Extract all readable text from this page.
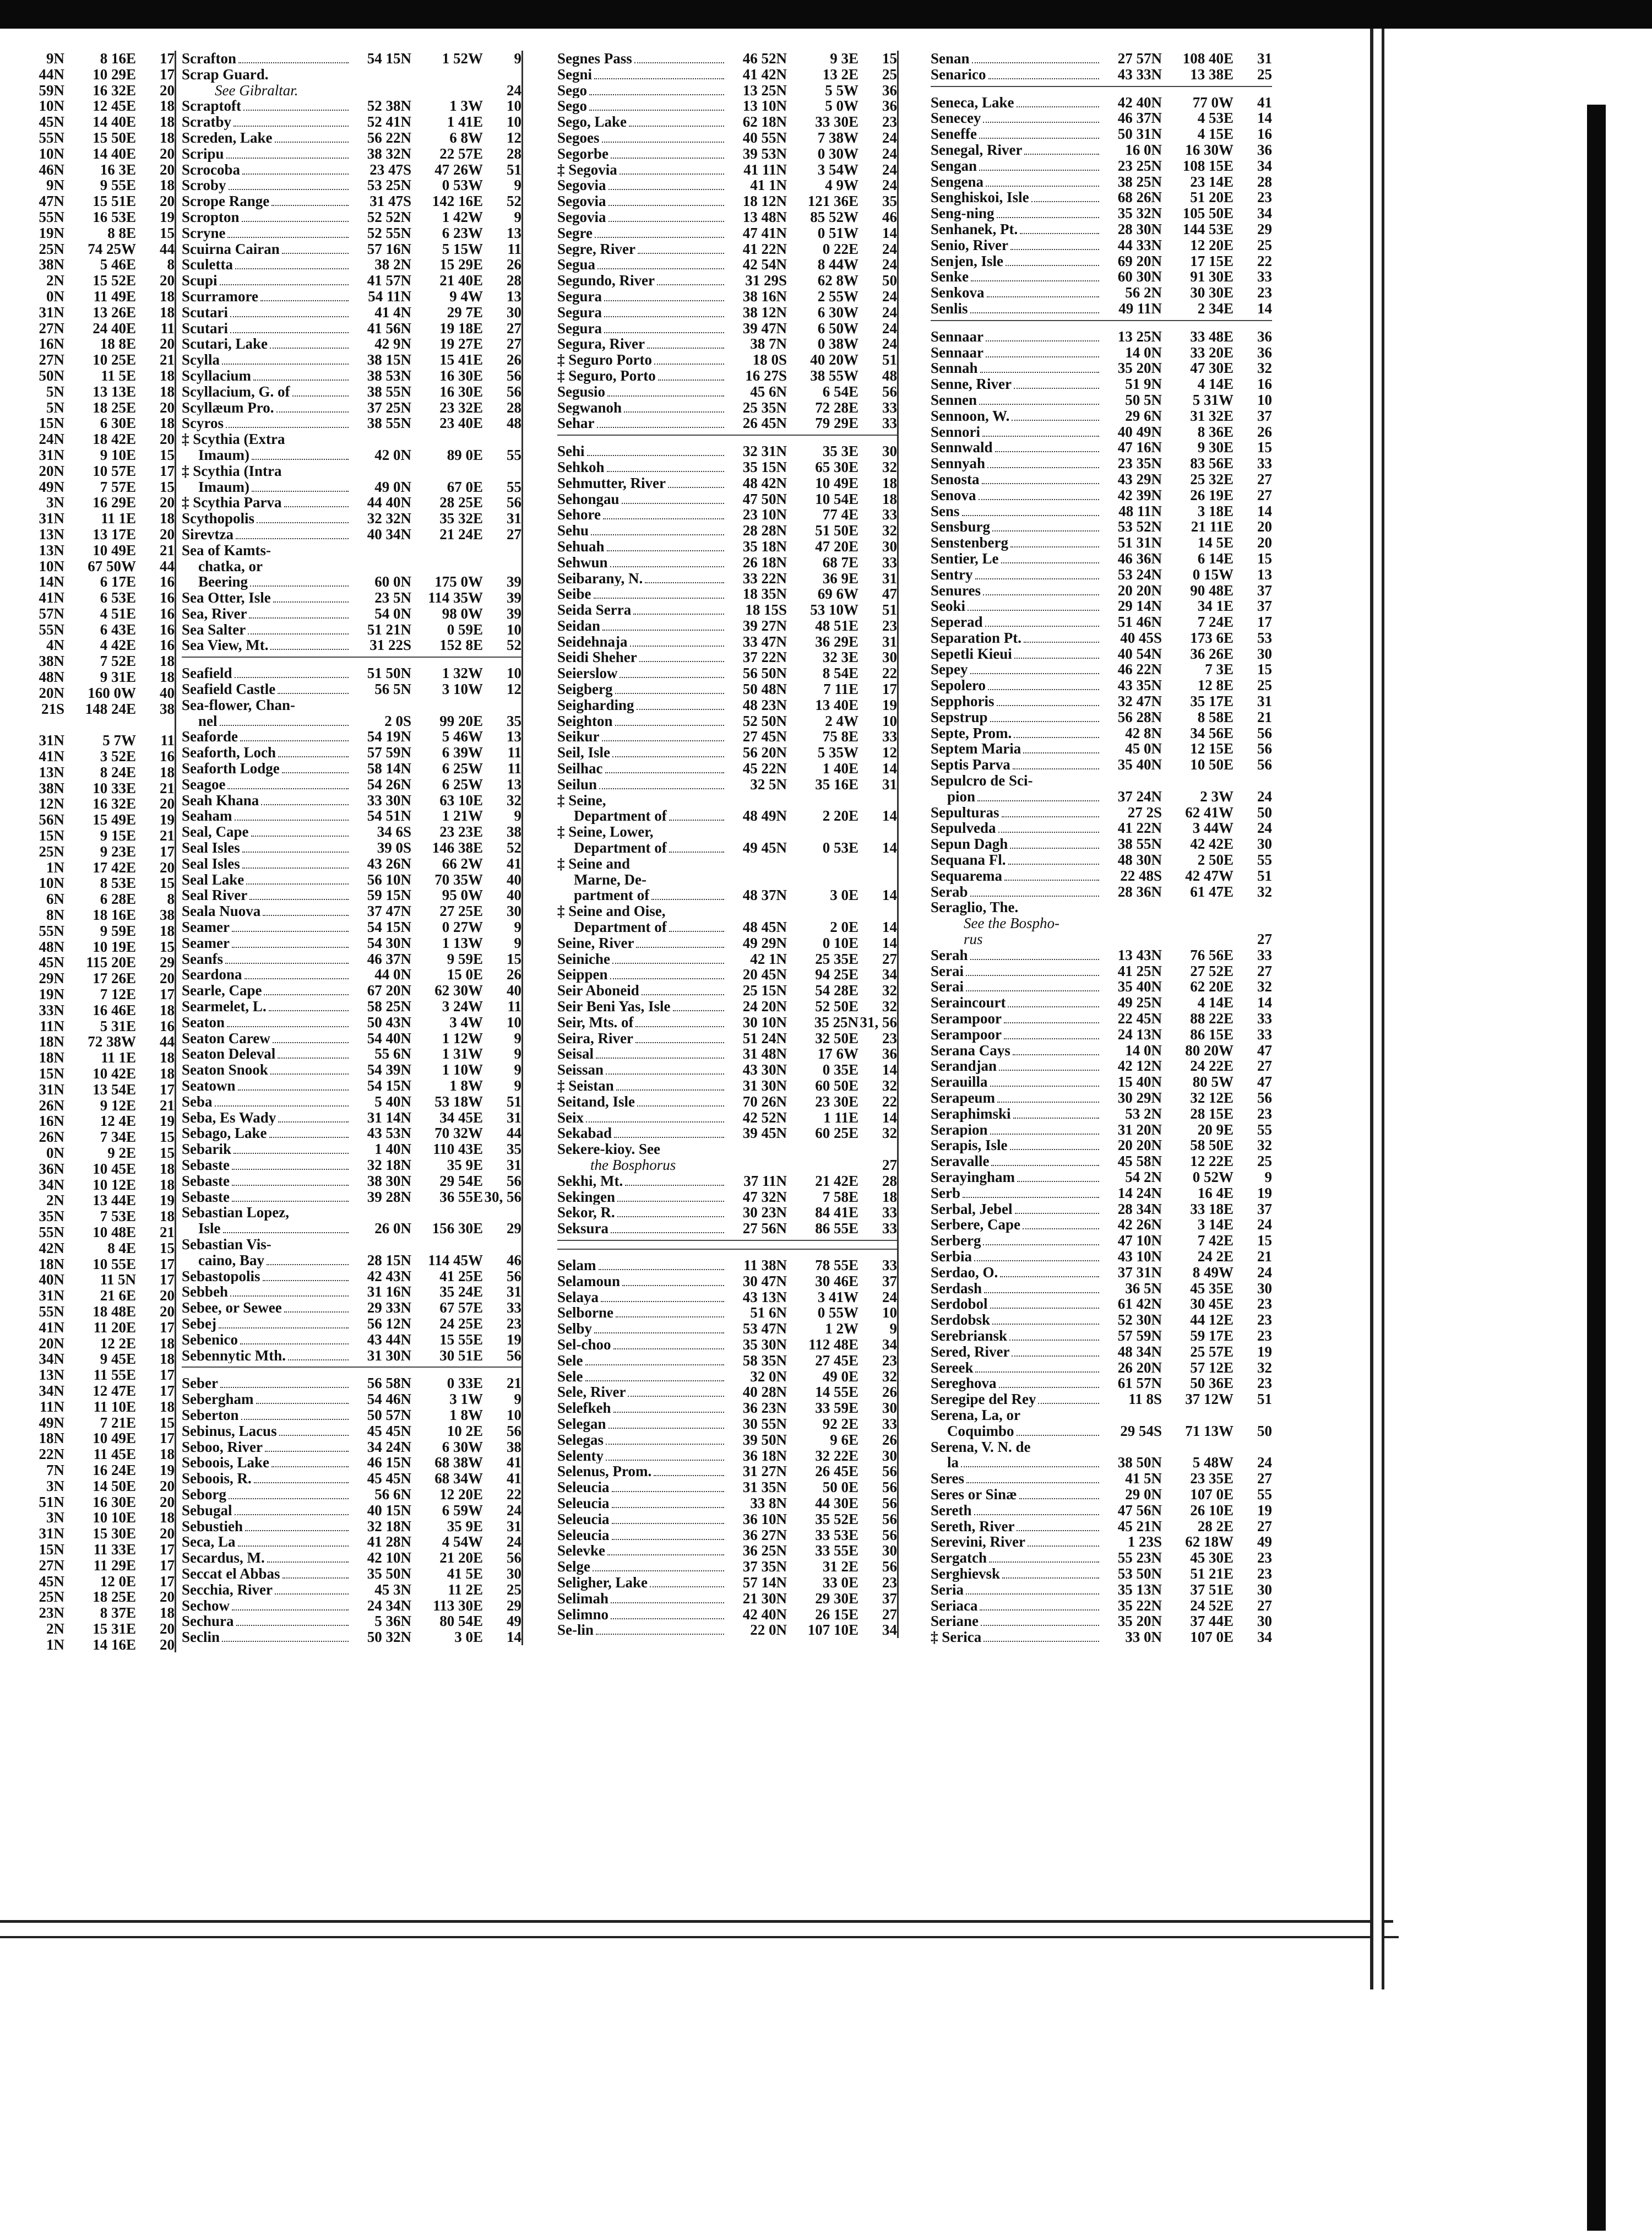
9N	8 16E	17
44N	10 29E	17
59N	16 32E	20
10N	12 45E	18
45N	14 40E	18
55N	15 50E	18
10N	14 40E	20
46N	16 3E	20
9N	9 55E	18
47N	15 51E	20
55N	16 53E	19
19N	8 8E	15
25N	74 25W	44
38N	5 46E	8
2N	15 52E	20
0N	11 49E	18
31N	13 26E	18
27N	24 40E	11
16N	18 8E	20
27N	10 25E	21
50N	11 5E	18
5N	13 13E	18
5N	18 25E	20
15N	6 30E	18
24N	18 42E	20
31N	9 10E	15
20N	10 57E	17
49N	7 57E	15
3N	16 29E	20
31N	11 1E	18
13N	13 17E	20
13N	10 49E	21
10N	67 50W	44
14N	6 17E	16
41N	6 53E	16
57N	4 51E	16
55N	6 43E	16
4N	4 42E	16
38N	7 52E	18
48N	9 31E	18
20N	160 0W	40
21S	148 24E	38
31N	5 7W	11
41N	3 52E	16
13N	8 24E	18
38N	10 33E	21
12N	16 32E	20
56N	15 49E	19
15N	9 15E	21
25N	9 23E	17
1N	17 42E	20
10N	8 53E	15
6N	6 28E	8
8N	18 16E	38
55N	9 59E	18
48N	10 19E	15
45N	115 20E	29
29N	17 26E	20
19N	7 12E	17
33N	16 46E	18
11N	5 31E	16
18N	72 38W	44
18N	11 1E	18
15N	10 42E	18
31N	13 54E	17
26N	9 12E	21
16N	12 4E	19
26N	7 34E	15
0N	9 2E	15
36N	10 45E	18
34N	10 12E	18
2N	13 44E	19
35N	7 53E	18
55N	10 48E	21
42N	8 4E	15
18N	10 55E	17
40N	11 5N	17
31N	21 6E	20
55N	18 48E	20
41N	11 20E	17
20N	12 2E	18
34N	9 45E	18
13N	11 55E	17
34N	12 47E	17
11N	11 10E	18
49N	7 21E	15
18N	10 49E	17
22N	11 45E	18
7N	16 24E	19
3N	14 50E	20
51N	16 30E	20
3N	10 10E	18
31N	15 30E	20
15N	11 33E	17
27N	11 29E	17
45N	12 0E	17
25N	18 25E	20
23N	8 37E	18
2N	15 31E	20
1N	14 16E	20
Scrafton	54 15N	1 52W	9
Scrap Guard.
See Gibraltar.	24
Scraptoft	52 38N	1 3W	10
Scratby	52 41N	1 41E	10
Screden, Lake	56 22N	6 8W	12
Scripu	38 32N	22 57E	28
Scrocoba	23 47S	47 26W	51
Scroby	53 25N	0 53W	9
Scrope Range	31 47S	142 16E	52
Scropton	52 52N	1 42W	9
Scryne	52 55N	6 23W	13
Scuirna Cairan	57 16N	5 15W	11
Sculetta	38 2N	15 29E	26
Scupi	41 57N	21 40E	28
Scurramore	54 11N	9 4W	13
Scutari	41 4N	29 7E	30
Scutari	41 56N	19 18E	27
Scutari, Lake	42 9N	19 27E	27
Scylla	38 15N	15 41E	26
Scyllacium	38 53N	16 30E	56
Scyllacium, G. of	38 55N	16 30E	56
Scyllæum Pro.	37 25N	23 32E	28
Scyros	38 55N	23 40E	48
‡ Scythia (Extra
Imaum)	42 0N	89 0E	55
‡ Scythia (Intra
Imaum)	49 0N	67 0E	55
‡ Scythia Parva	44 40N	28 25E	56
Scythopolis	32 32N	35 32E	31
Sirevtza	40 34N	21 24E	27
Sea of Kamts-
chatka, or
Beering	60 0N	175 0W	39
Sea Otter, Isle	23 5N	114 35W	39
Sea, River	54 0N	98 0W	39
Sea Salter	51 21N	0 59E	10
Sea View, Mt.	31 22S	152 8E	52
Seafield	51 50N	1 32W	10
Seafield Castle	56 5N	3 10W	12
Sea-flower, Chan-
nel	2 0S	99 20E	35
Seaforde	54 19N	5 46W	13
Seaforth, Loch	57 59N	6 39W	11
Seaforth Lodge	58 14N	6 25W	11
Seagoe	54 26N	6 25W	13
Seah Khana	33 30N	63 10E	32
Seaham	54 51N	1 21W	9
Seal, Cape	34 6S	23 23E	38
Seal Isles	39 0S	146 38E	52
Seal Isles	43 26N	66 2W	41
Seal Lake	56 10N	70 35W	40
Seal River	59 15N	95 0W	40
Seala Nuova	37 47N	27 25E	30
Seamer	54 15N	0 27W	9
Seamer	54 30N	1 13W	9
Seanfs	46 37N	9 59E	15
Seardona	44 0N	15 0E	26
Searle, Cape	67 20N	62 30W	40
Searmelet, L.	58 25N	3 24W	11
Seaton	50 43N	3 4W	10
Seaton Carew	54 40N	1 12W	9
Seaton Deleval	55 6N	1 31W	9
Seaton Snook	54 39N	1 10W	9
Seatown	54 15N	1 8W	9
Seba	5 40N	53 18W	51
Seba, Es Wady	31 14N	34 45E	31
Sebago, Lake	43 53N	70 32W	44
Sebarik	1 40N	110 43E	35
Sebaste	32 18N	35 9E	31
Sebaste	38 30N	29 54E	56
Sebaste	39 28N	36 55E 30, 56
Sebastian Lopez,
Isle	26 0N	156 30E	29
Sebastian Vis-
caino, Bay	28 15N	114 45W	46
Sebastopolis	42 43N	41 25E	56
Sebbeh	31 16N	35 24E	31
Sebee, or Sewee	29 33N	67 57E	33
Sebej	56 12N	24 25E	23
Sebenico	43 44N	15 55E	19
Sebennytic Mth.	31 30N	30 51E	56
Seber	56 58N	0 33E	21
Sebergham	54 46N	3 1W	9
Seberton	50 57N	1 8W	10
Sebinus, Lacus	45 45N	10 2E	56
Seboo, River	34 24N	6 30W	38
Seboois, Lake	46 15N	68 38W	41
Seboois, R.	45 45N	68 34W	41
Seborg	56 6N	12 20E	22
Sebugal	40 15N	6 59W	24
Sebustieh	32 18N	35 9E	31
Seca, La	41 28N	4 54W	24
Secardus, M.	42 10N	21 20E	56
Seccat el Abbas	35 50N	41 5E	30
Secchia, River	45 3N	11 2E	25
Sechow	24 34N	113 30E	29
Sechura	5 36N	80 54E	49
Seclin	50 32N	3 0E	14
Segnes Pass	46 52N	9 3E	15
Segni	41 42N	13 2E	25
Sego	13 25N	5 5W	36
Sego	13 10N	5 0W	36
Sego, Lake	62 18N	33 30E	23
Segoes	40 55N	7 38W	24
Segorbe	39 53N	0 30W	24
‡ Segovia	41 11N	3 54W	24
Segovia	41 1N	4 9W	24
Segovia	18 12N	121 36E	35
Segovia	13 48N	85 52W	46
Segre	47 41N	0 51W	14
Segre, River	41 22N	0 22E	24
Segua	42 54N	8 44W	24
Segundo, River	31 29S	62 8W	50
Segura	38 16N	2 55W	24
Segura	38 12N	6 30W	24
Segura	39 47N	6 50W	24
Segura, River	38 7N	0 38W	24
‡ Seguro Porto	18 0S	40 20W	51
‡ Seguro, Porto	16 27S	38 55W	48
Segusio	45 6N	6 54E	56
Segwanoh	25 35N	72 28E	33
Sehar	26 45N	79 29E	33
Sehi	32 31N	35 3E	30
Sehkoh	35 15N	65 30E	32
Sehmutter, River	48 42N	10 49E	18
Sehongau	47 50N	10 54E	18
Sehore	23 10N	77 4E	33
Sehu	28 28N	51 50E	32
Sehuah	35 18N	47 20E	30
Sehwun	26 18N	68 7E	33
Seibarany, N.	33 22N	36 9E	31
Seibe	18 35N	69 6W	47
Seida Serra	18 15S	53 10W	51
Seidan	39 27N	48 51E	23
Seidehnaja	33 47N	36 29E	31
Seidi Sheher	37 22N	32 3E	30
Seierslow	56 50N	8 54E	22
Seigberg	50 48N	7 11E	17
Seigharding	48 23N	13 40E	19
Seighton	52 50N	2 4W	10
Seikur	27 45N	75 8E	33
Seil, Isle	56 20N	5 35W	12
Seilhac	45 22N	1 40E	14
Seilun	32 5N	35 16E	31
‡ Seine,
Department of	48 49N	2 20E	14
‡ Seine, Lower,
Department of	49 45N	0 53E	14
‡ Seine and
Marne, De-
partment of	48 37N	3 0E	14
‡ Seine and Oise,
Department of	48 45N	2 0E	14
Seine, River	49 29N	0 10E	14
Seiniche	42 1N	25 35E	27
Seippen	20 45N	94 25E	34
Seir Aboneid	25 15N	54 28E	32
Seir Beni Yas, Isle	24 20N	52 50E	32
Seir, Mts. of	30 10N	35 25N 31, 56
Seira, River	51 24N	32 50E	23
Seisal	31 48N	17 6W	36
Seissan	43 30N	0 35E	14
‡ Seistan	31 30N	60 50E	32
Seitand, Isle	70 26N	23 30E	22
Seix	42 52N	1 11E	14
Sekabad	39 45N	60 25E	32
Sekere-kioy. See
the Bosphorus	27
Sekhi, Mt.	37 11N	21 42E	28
Sekingen	47 32N	7 58E	18
Sekor, R.	30 23N	84 41E	33
Seksura	27 56N	86 55E	33
Selam	11 38N	78 55E	33
Selamoun	30 47N	30 46E	37
Selaya	43 13N	3 41W	24
Selborne	51 6N	0 55W	10
Selby	53 47N	1 2W	9
Sel-choo	35 30N	112 48E	34
Sele	58 35N	27 45E	23
Sele	32 0N	49 0E	32
Sele, River	40 28N	14 55E	26
Selefkeh	36 23N	33 59E	30
Selegan	30 55N	92 2E	33
Selegas	39 50N	9 6E	26
Selenty	36 18N	32 22E	30
Selenus, Prom.	31 27N	26 45E	56
Seleucia	31 35N	50 0E	56
Seleucia	33 8N	44 30E	56
Seleucia	36 10N	35 52E	56
Seleucia	36 27N	33 53E	56
Selevke	36 25N	33 55E	30
Selge	37 35N	31 2E	56
Seligher, Lake	57 14N	33 0E	23
Selimah	21 30N	29 30E	37
Selimno	42 40N	26 15E	27
Se-lin	22 0N	107 10E	34
Senan	27 57N	108 40E	31
Senarico	43 33N	13 38E	25
Seneca, Lake	42 40N	77 0W	41
Senecey	46 37N	4 53E	14
Seneffe	50 31N	4 15E	16
Senegal, River	16 0N	16 30W	36
Sengan	23 25N	108 15E	34
Sengena	38 25N	23 14E	28
Senghiskoi, Isle	68 26N	51 20E	23
Seng-ning	35 32N	105 50E	34
Senhanek, Pt.	28 30N	144 53E	29
Senio, River	44 33N	12 20E	25
Senjen, Isle	69 20N	17 15E	22
Senke	60 30N	91 30E	33
Senkova	56 2N	30 30E	23
Senlis	49 11N	2 34E	14
Sennaar	13 25N	33 48E	36
Sennaar	14 0N	33 20E	36
Sennah	35 20N	47 30E	32
Senne, River	51 9N	4 14E	16
Sennen	50 5N	5 31W	10
Sennoon, W.	29 6N	31 32E	37
Sennori	40 49N	8 36E	26
Sennwald	47 16N	9 30E	15
Sennyah	23 35N	83 56E	33
Senosta	43 29N	25 32E	27
Senova	42 39N	26 19E	27
Sens	48 11N	3 18E	14
Sensburg	53 52N	21 11E	20
Senstenberg	51 31N	14 5E	20
Sentier, Le	46 36N	6 14E	15
Sentry	53 24N	0 15W	13
Senures	20 20N	90 48E	37
Seoki	29 14N	34 1E	37
Seperad	51 46N	7 24E	17
Separation Pt.	40 45S	173 6E	53
Sepetli Kieui	40 54N	36 26E	30
Sepey	46 22N	7 3E	15
Sepolero	43 35N	12 8E	25
Sepphoris	32 47N	35 17E	31
Sepstrup	56 28N	8 58E	21
Septe, Prom.	42 8N	34 56E	56
Septem Maria	45 0N	12 15E	56
Septis Parva	35 40N	10 50E	56
Sepulcro de Sci-
pion	37 24N	2 3W	24
Sepulturas	27 2S	62 41W	50
Sepulveda	41 22N	3 44W	24
Sepun Dagh	38 55N	42 42E	30
Sequana Fl.	48 30N	2 50E	55
Sequarema	22 48S	42 47W	51
Serab	28 36N	61 47E	32
Seraglio, The.
See the Bospho-
rus	27
Serah	13 43N	76 56E	33
Serai	41 25N	27 52E	27
Serai	35 40N	62 20E	32
Seraincourt	49 25N	4 14E	14
Serampoor	22 45N	88 22E	33
Serampoor	24 13N	86 15E	33
Serana Cays	14 0N	80 20W	47
Serandjan	42 12N	24 22E	27
Serauilla	15 40N	80 5W	47
Serapeum	30 29N	32 12E	56
Seraphimski	53 2N	28 15E	23
Serapion	31 20N	20 9E	55
Serapis, Isle	20 20N	58 50E	32
Seravalle	45 58N	12 22E	25
Serayingham	54 2N	0 52W	9
Serb	14 24N	16 4E	19
Serbal, Jebel	28 34N	33 18E	37
Serbere, Cape	42 26N	3 14E	24
Serberg	47 10N	7 42E	15
Serbia	43 10N	24 2E	21
Serdao, O.	37 31N	8 49W	24
Serdash	36 5N	45 35E	30
Serdobol	61 42N	30 45E	23
Serdobsk	52 30N	44 12E	23
Serebriansk	57 59N	59 17E	23
Sered, River	48 34N	25 57E	19
Sereek	26 20N	57 12E	32
Sereghova	61 57N	50 36E	23
Seregipe del Rey	11 8S	37 12W	51
Serena, La, or
Coquimbo	29 54S	71 13W	50
Serena, V. N. de
la	38 50N	5 48W	24
Seres	41 5N	23 35E	27
Seres or Sinæ	29 0N	107 0E	55
Sereth	47 56N	26 10E	19
Sereth, River	45 21N	28 2E	27
Serevini, River	1 23S	62 18W	49
Sergatch	55 23N	45 30E	23
Serghievsk	53 50N	51 21E	23
Seria	35 13N	37 51E	30
Seriaca	35 22N	24 52E	27
Seriane	35 20N	37 44E	30
‡ Serica	33 0N	107 0E	34
